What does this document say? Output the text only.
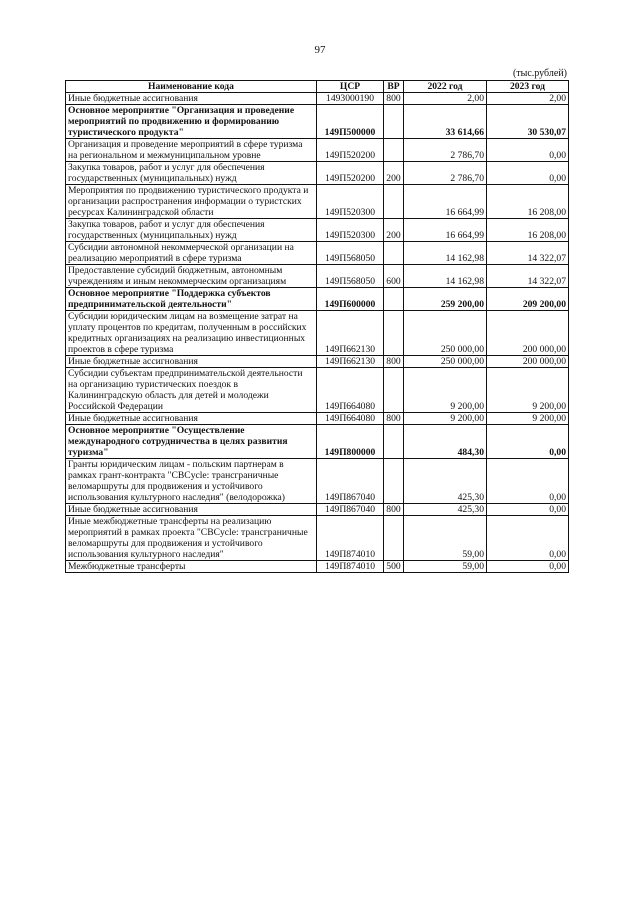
97
(тыс.рублей)
Наименование кода	ЦСР	ВР	2022 год	2023 год
Иные бюджетные ассигнования	1493000190	800	2,00	2,00
Основное мероприятие "Организация и проведение мероприятий по продвижению и формированию туристического продукта"	149П500000		33 614,66	30 530,07
Организация и проведение мероприятий в сфере туризма на региональном и межмуниципальном уровне	149П520200		2 786,70	0,00
Закупка товаров, работ и услуг для обеспечения государственных (муниципальных) нужд	149П520200	200	2 786,70	0,00
Мероприятия по продвижению туристического продукта и организации распространения информации о туристских ресурсах Калининградской области	149П520300		16 664,99	16 208,00
Закупка товаров, работ и услуг для обеспечения государственных (муниципальных) нужд	149П520300	200	16 664,99	16 208,00
Субсидии автономной некоммерческой организации на реализацию мероприятий в сфере туризма	149П568050		14 162,98	14 322,07
Предоставление субсидий бюджетным, автономным учреждениям и иным некоммерческим организациям	149П568050	600	14 162,98	14 322,07
Основное мероприятие "Поддержка субъектов предпринимательской деятельности"	149П600000		259 200,00	209 200,00
Субсидии юридическим лицам на возмещение затрат на уплату процентов по кредитам, полученным в российских кредитных организациях на реализацию инвестиционных проектов в сфере туризма	149П662130		250 000,00	200 000,00
Иные бюджетные ассигнования	149П662130	800	250 000,00	200 000,00
Субсидии субъектам предпринимательской деятельности на организацию туристических поездок в Калининградскую область для детей и молодежи Российской Федерации	149П664080		9 200,00	9 200,00
Иные бюджетные ассигнования	149П664080	800	9 200,00	9 200,00
Основное мероприятие "Осуществление международного сотрудничества в целях развития туризма"	149П800000		484,30	0,00
Гранты юридическим лицам - польским партнерам в рамках грант-контракта "CBCycle: трансграничные веломаршруты для продвижения и устойчивого использования культурного наследия" (велодорожка)	149П867040		425,30	0,00
Иные бюджетные ассигнования	149П867040	800	425,30	0,00
Иные межбюджетные трансферты на реализацию мероприятий в рамках проекта "CBCycle: трансграничные веломаршруты для продвижения и устойчивого использования культурного наследия"	149П874010		59,00	0,00
Межбюджетные трансферты	149П874010	500	59,00	0,00
